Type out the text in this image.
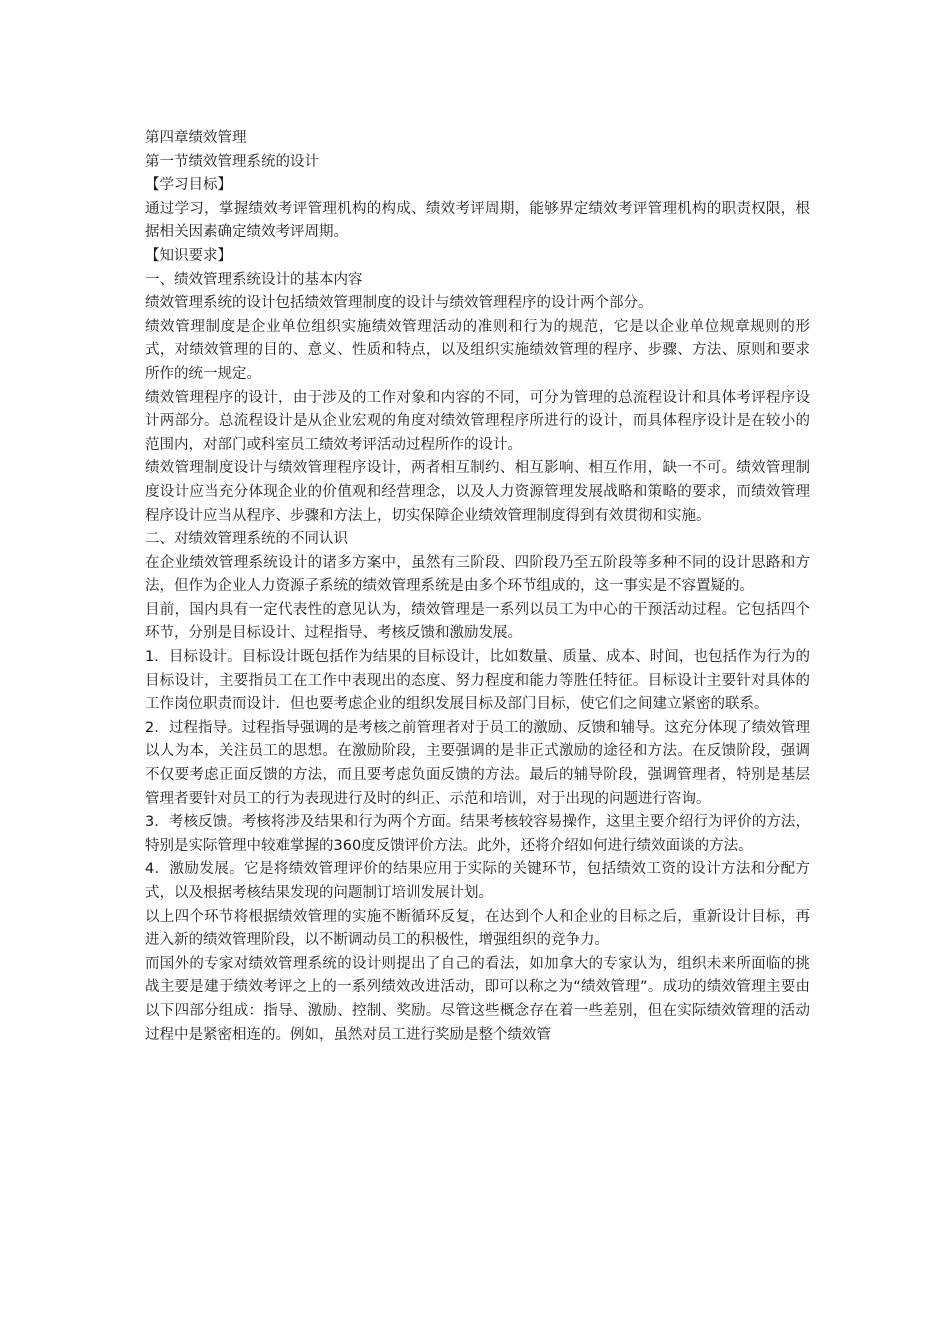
第四章绩效管理

第一节绩效管理系统的设计

【学习目标】

通过学习，掌握绩效考评管理机构的构成、绩效考评周期，能够界定绩效考评管理机构的职责权限，根据相关因素确定绩效考评周期。

【知识要求】

一、绩效管理系统设计的基本内容

绩效管理系统的设计包括绩效管理制度的设计与绩效管理程序的设计两个部分。

绩效管理制度是企业单位组织实施绩效管理活动的准则和行为的规范，它是以企业单位规章规则的形式，对绩效管理的目的、意义、性质和特点，以及组织实施绩效管理的程序、步骤、方法、原则和要求所作的统一规定。

绩效管理程序的设计，由于涉及的工作对象和内容的不同，可分为管理的总流程设计和具体考评程序设计两部分。总流程设计是从企业宏观的角度对绩效管理程序所进行的设计，而具体程序设计是在较小的范围内，对部门或科室员工绩效考评活动过程所作的设计。

绩效管理制度设计与绩效管理程序设计，两者相互制约、相互影响、相互作用，缺一不可。绩效管理制度设计应当充分体现企业的价值观和经营理念，以及人力资源管理发展战略和策略的要求，而绩效管理程序设计应当从程序、步骤和方法上，切实保障企业绩效管理制度得到有效贯彻和实施。

二、对绩效管理系统的不同认识

在企业绩效管理系统设计的诸多方案中，虽然有三阶段、四阶段乃至五阶段等多种不同的设计思路和方法，但作为企业人力资源子系统的绩效管理系统是由多个环节组成的，这一事实是不容置疑的。

目前，国内具有一定代表性的意见认为，绩效管理是一系列以员工为中心的干预活动过程。它包括四个环节，分别是目标设计、过程指导、考核反馈和激励发展。

1．目标设计。目标设计既包括作为结果的目标设计，比如数量、质量、成本、时间，也包括作为行为的目标设计，主要指员工在工作中表现出的态度、努力程度和能力等胜任特征。目标设计主要针对具体的工作岗位职责而设计．但也要考虑企业的组织发展目标及部门目标，使它们之间建立紧密的联系。

2．过程指导。过程指导强调的是考核之前管理者对于员工的激励、反馈和辅导。这充分体现了绩效管理以人为本，关注员工的思想。在激励阶段，主要强调的是非正式激励的途径和方法。在反馈阶段，强调不仅要考虑正面反馈的方法，而且要考虑负面反馈的方法。最后的辅导阶段，强调管理者，特别是基层管理者要针对员工的行为表现进行及时的纠正、示范和培训，对于出现的问题进行咨询。

3．考核反馈。考核将涉及结果和行为两个方面。结果考核较容易操作，这里主要介绍行为评价的方法，特别是实际管理中较难掌握的360度反馈评价方法。此外，还将介绍如何进行绩效面谈的方法。

4．激励发展。它是将绩效管理评价的结果应用于实际的关键环节，包括绩效工资的设计方法和分配方式，以及根据考核结果发现的问题制订培训发展计划。

以上四个环节将根据绩效管理的实施不断循环反复，在达到个人和企业的目标之后，重新设计目标，再进入新的绩效管理阶段，以不断调动员工的积极性，增强组织的竞争力。

而国外的专家对绩效管理系统的设计则提出了自己的看法，如加拿大的专家认为，组织未来所面临的挑战主要是建于绩效考评之上的一系列绩效改进活动，即可以称之为“绩效管理”。成功的绩效管理主要由以下四部分组成：指导、激励、控制、奖励。尽管这些概念存在着一些差别，但在实际绩效管理的活动过程中是紧密相连的。例如，虽然对员工进行奖励是整个绩效管
